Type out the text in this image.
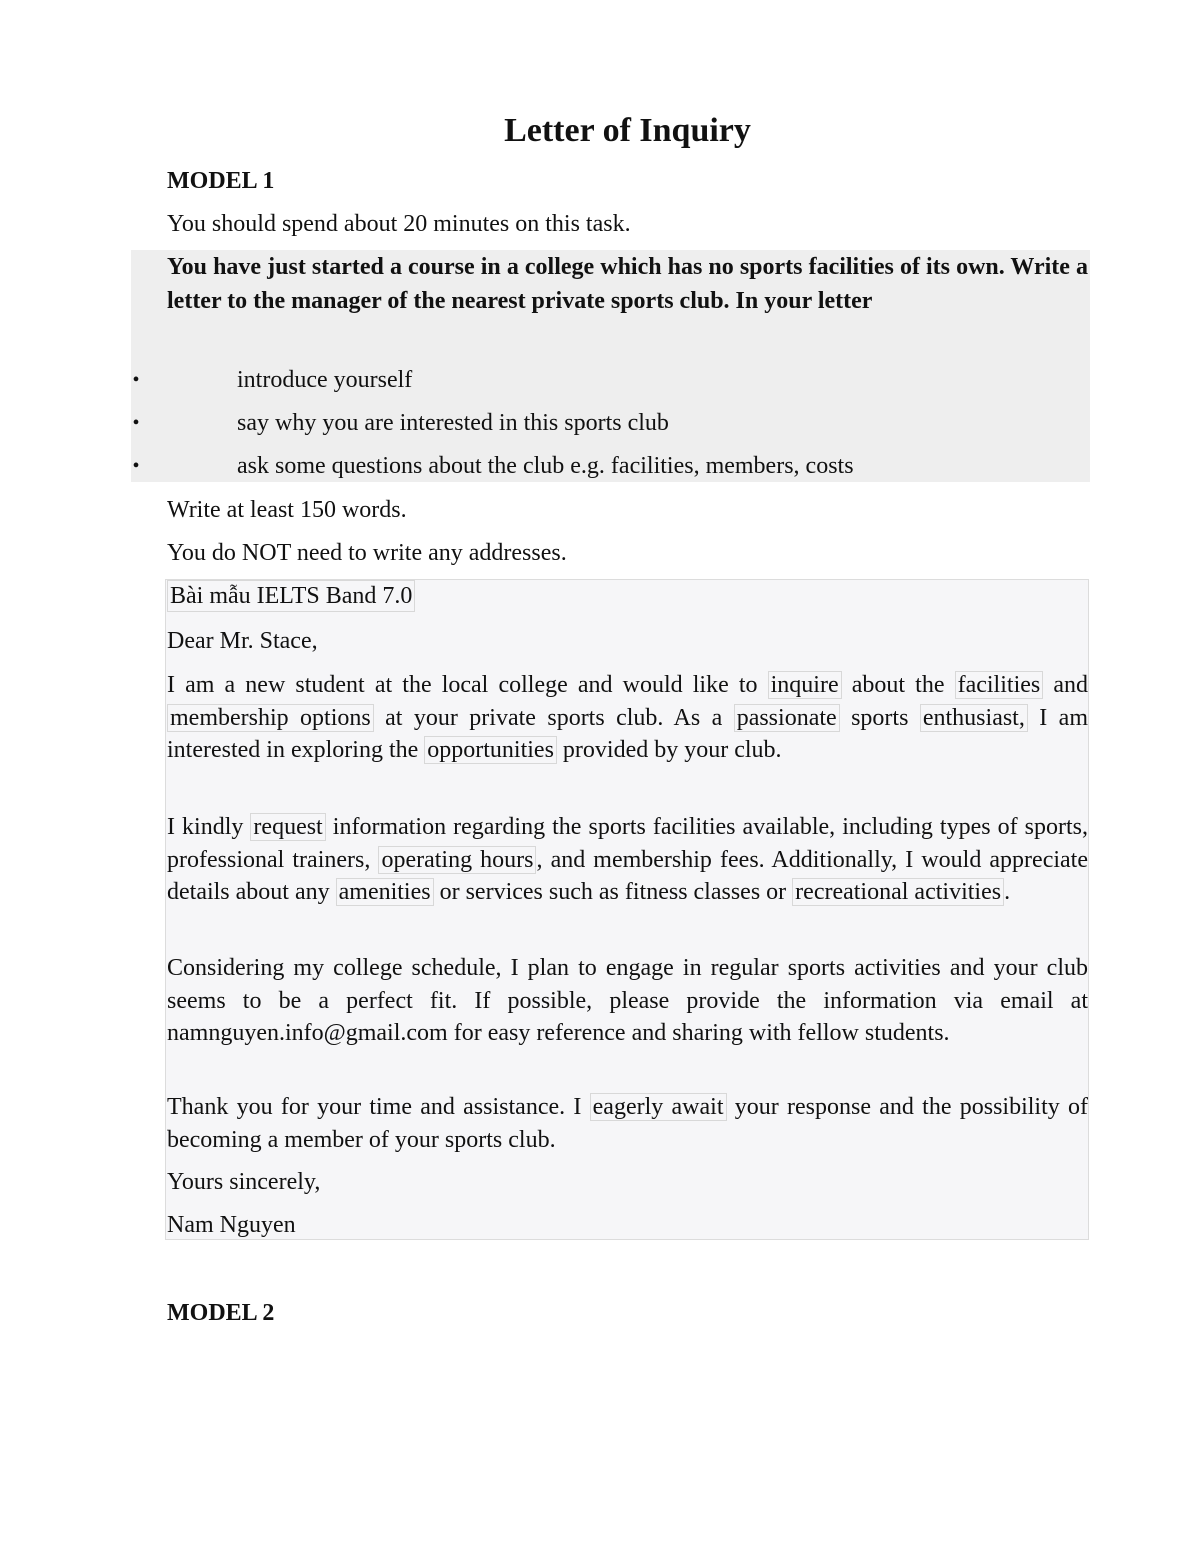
Letter of Inquiry
MODEL 1
You should spend about 20 minutes on this task.
You have just started a course in a college which has no sports facilities of its own. Write a letter to the manager of the nearest private sports club. In your letter
•	introduce yourself
•	say why you are interested in this sports club
•	ask some questions about the club e.g. facilities, members, costs
Write at least 150 words.
You do NOT need to write any addresses.
Bài mẫu IELTS Band 7.0
Dear Mr. Stace,
I am a new student at the local college and would like to inquire about the facilities and membership options at your private sports club. As a passionate sports enthusiast, I am interested in exploring the opportunities provided by your club.
I kindly request information regarding the sports facilities available, including types of sports, professional trainers, operating hours , and membership fees. Additionally, I would appreciate details about any amenities or services such as fitness classes or recreational activities .
Considering my college schedule, I plan to engage in regular sports activities and your club seems to be a perfect fit. If possible, please provide the information via email at namnguyen.info@gmail.com for easy reference and sharing with fellow students.
Thank you for your time and assistance. I eagerly await your response and the possibility of becoming a member of your sports club.
Yours sincerely,
Nam Nguyen
MODEL 2
